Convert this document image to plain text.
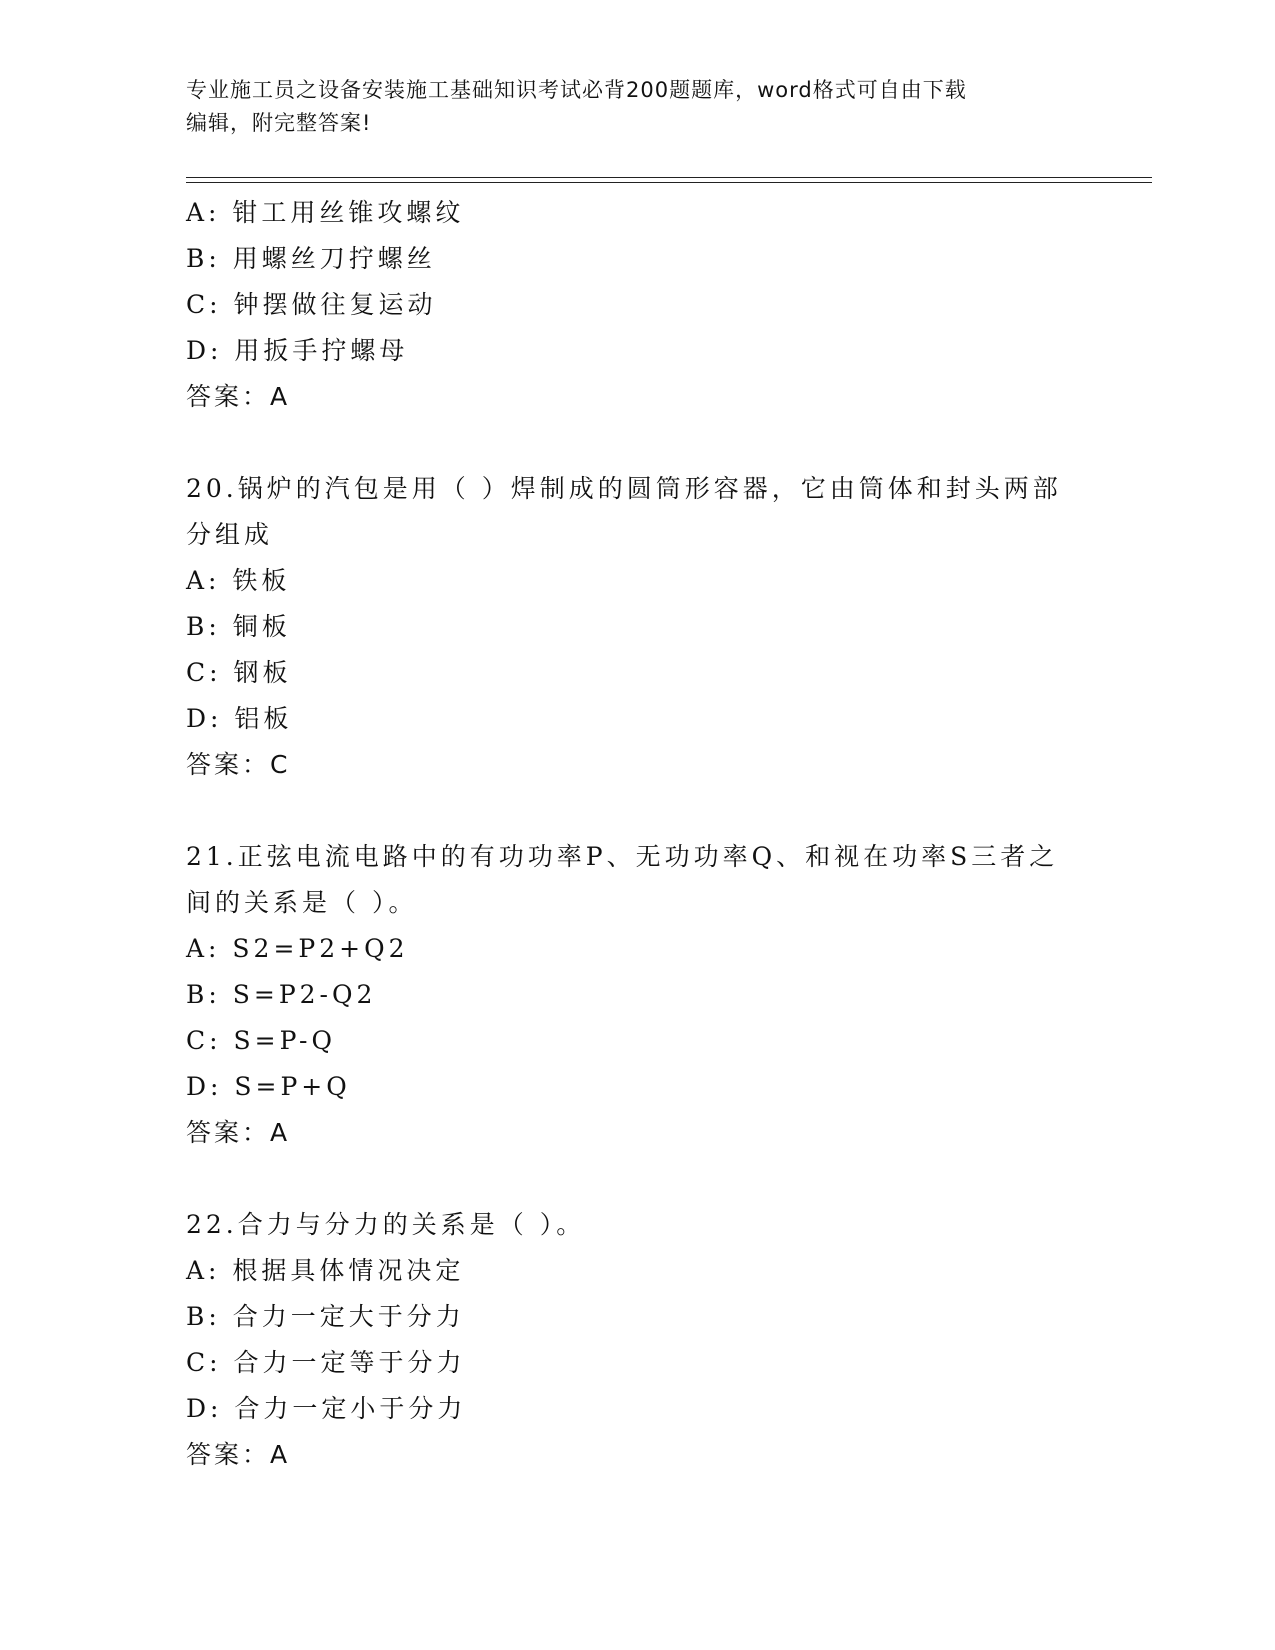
专业施工员之设备安装施工基础知识考试必背200题题库，word格式可自由下载
编辑，附完整答案!
A: 钳工用丝锥攻螺纹
B: 用螺丝刀拧螺丝
C: 钟摆做往复运动
D: 用扳手拧螺母
答案：A
20.锅炉的汽包是用（ ）焊制成的圆筒形容器，它由筒体和封头两部
分组成
A: 铁板
B: 铜板
C: 钢板
D: 铝板
答案：C
21.正弦电流电路中的有功功率P、无功功率Q、和视在功率S三者之
间的关系是（ ）。
A: S2=P2+Q2
B: S=P2-Q2
C: S=P-Q
D: S=P+Q
答案：A
22.合力与分力的关系是（ ）。
A: 根据具体情况决定
B: 合力一定大于分力
C: 合力一定等于分力
D: 合力一定小于分力
答案：A
